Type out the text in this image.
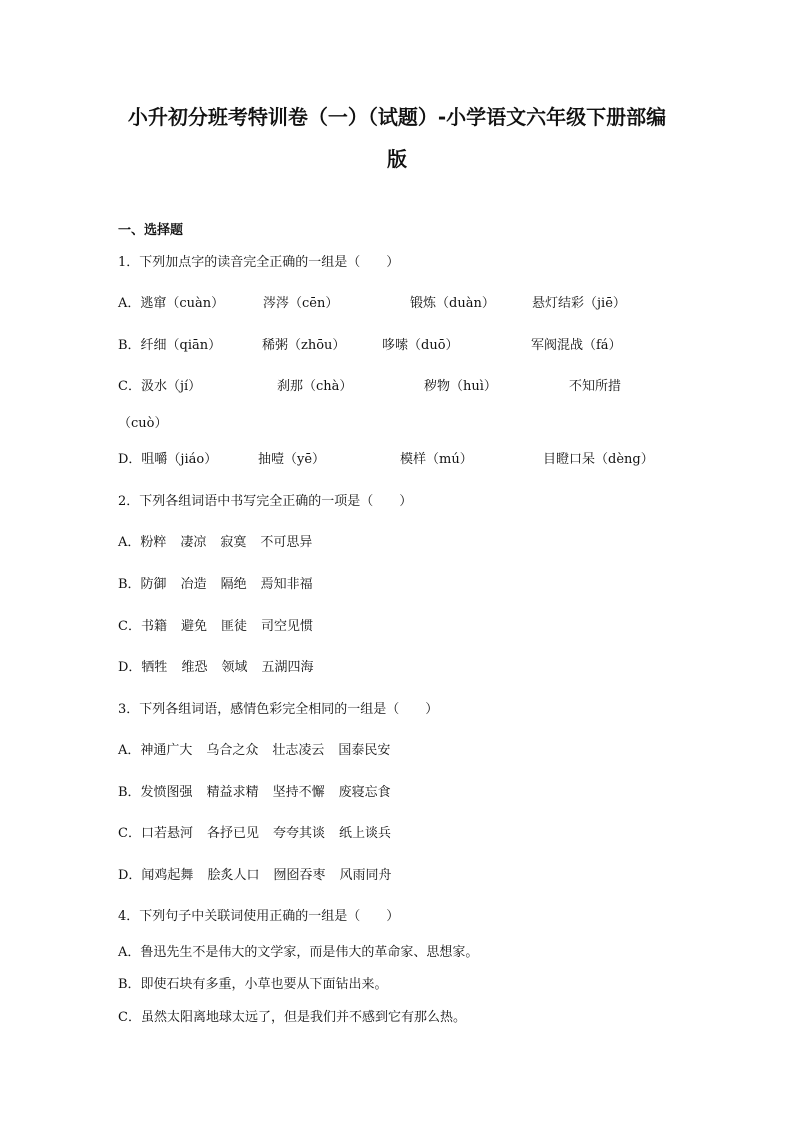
小升初分班考特训卷（一）（试题）-小学语文六年级下册部编
版
一、选择题
1．下列加点字的读音完全正确的一组是（　　）
A．逃窜（cuàn）	涔涔（cēn）	锻炼（duàn）	悬灯结彩（jiē）
B．纤细（qiān）	稀粥（zhōu）	哆嗦（duō）	军阀混战（fá）
C．汲水（jí）	刹那（chà）	秽物（huì）	不知所措
（cuò）
D．咀嚼（jiáo）	抽噎（yē）	模样（mú）	目瞪口呆（dèng）
2．下列各组词语中书写完全正确的一项是（　　）
A．粉粹 凄凉 寂寞 不可思异
B．防御 冶造 隔绝 焉知非福
C．书籍 避免 匪徒 司空见惯
D．牺牲 维恐 领域 五湖四海
3．下列各组词语，感情色彩完全相同的一组是（　　）
A．神通广大 乌合之众 壮志凌云 国泰民安
B．发愤图强 精益求精 坚持不懈 废寝忘食
C．口若悬河 各抒已见 夸夸其谈 纸上谈兵
D．闻鸡起舞 脍炙人口 囫囵吞枣 风雨同舟
4．下列句子中关联词使用正确的一组是（　　）
A．鲁迅先生不是伟大的文学家，而是伟大的革命家、思想家。
B．即使石块有多重，小草也要从下面钻出来。
C．虽然太阳离地球太远了，但是我们并不感到它有那么热。
